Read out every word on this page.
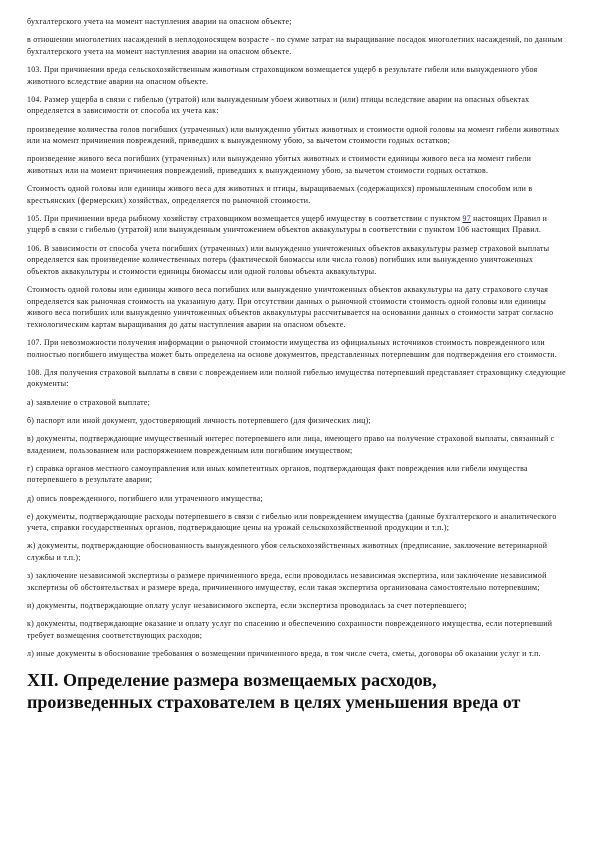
бухгалтерского учета на момент наступления аварии на опасном объекте;

в отношении многолетних насаждений в неплодоносящем возрасте - по сумме затрат на выращивание посадок многолетних насаждений, по данным бухгалтерского учета на момент наступления аварии на опасном объекте.

103. При причинении вреда сельскохозяйственным животным страховщиком возмещается ущерб в результате гибели или вынужденного убоя животного вследствие аварии на опасном объекте.

104. Размер ущерба в связи с гибелью (утратой) или вынужденным убоем животных и (или) птицы вследствие аварии на опасных объектах определяется в зависимости от способа их учета как:

произведение количества голов погибших (утраченных) или вынужденно убитых животных и стоимости одной головы на момент гибели животных или на момент причинения повреждений, приведших к вынужденному убою, за вычетом стоимости годных остатков;

произведение живого веса погибших (утраченных) или вынужденно убитых животных и стоимости единицы живого веса на момент гибели животных или на момент причинения повреждений, приведших к вынужденному убою, за вычетом стоимости годных остатков.

Стоимость одной головы или единицы живого веса для животных и птицы, выращиваемых (содержащихся) промышленным способом или в крестьянских (фермерских) хозяйствах, определяется по рыночной стоимости.

105. При причинении вреда рыбному хозяйству страховщиком возмещается ущерб имуществу в соответствии с пунктом 97 настоящих Правил и ущерб в связи с гибелью (утратой) или вынужденным уничтожением объектов аквакультуры в соответствии с пунктом 106 настоящих Правил.

106. В зависимости от способа учета погибших (утраченных) или вынужденно уничтоженных объектов аквакультуры размер страховой выплаты определяется как произведение количественных потерь (фактической биомассы или числа голов) погибших или вынужденно уничтоженных объектов аквакультуры и стоимости единицы биомассы или одной головы объекта аквакультуры.

Стоимость одной головы или единицы живого веса погибших или вынужденно уничтоженных объектов аквакультуры на дату страхового случая определяется как рыночная стоимость на указанную дату. При отсутствии данных о рыночной стоимости стоимость одной головы или единицы живого веса погибших или вынужденно уничтоженных объектов аквакультуры рассчитывается на основании данных о стоимости затрат согласно технологическим картам выращивания до даты наступления аварии на опасном объекте.

107. При невозможности получения информации о рыночной стоимости имущества из официальных источников стоимость поврежденного или полностью погибшего имущества может быть определена на основе документов, представленных потерпевшим для подтверждения его стоимости.

108. Для получения страховой выплаты в связи с повреждением или полной гибелью имущества потерпевший представляет страховщику следующие документы:

а) заявление о страховой выплате;

б) паспорт или иной документ, удостоверяющий личность потерпевшего (для физических лиц);

в) документы, подтверждающие имущественный интерес потерпевшего или лица, имеющего право на получение страховой выплаты, связанный с владением, пользованием или распоряжением поврежденным или погибшим имуществом;

г) справка органов местного самоуправления или иных компетентных органов, подтверждающая факт повреждения или гибели имущества потерпевшего в результате аварии;

д) опись поврежденного, погибшего или утраченного имущества;

е) документы, подтверждающие расходы потерпевшего в связи с гибелью или повреждением имущества (данные бухгалтерского и аналитического учета, справки государственных органов, подтверждающие цены на урожай сельскохозяйственной продукции и т.п.);

ж) документы, подтверждающие обоснованность вынужденного убоя сельскохозяйственных животных (предписание, заключение ветеринарной службы и т.п.);

з) заключение независимой экспертизы о размере причиненного вреда, если проводилась независимая экспертиза, или заключение независимой экспертизы об обстоятельствах и размере вреда, причиненного имуществу, если такая экспертиза организована самостоятельно потерпевшим;

и) документы, подтверждающие оплату услуг независимого эксперта, если экспертиза проводилась за счет потерпевшего;

к) документы, подтверждающие оказание и оплату услуг по спасению и обеспечению сохранности поврежденного имущества, если потерпевший требует возмещения соответствующих расходов;

л) иные документы в обоснование требования о возмещении причиненного вреда, в том числе счета, сметы, договоры об оказании услуг и т.п.

XII. Определение размера возмещаемых расходов,
произведенных страхователем в целях уменьшения вреда от
